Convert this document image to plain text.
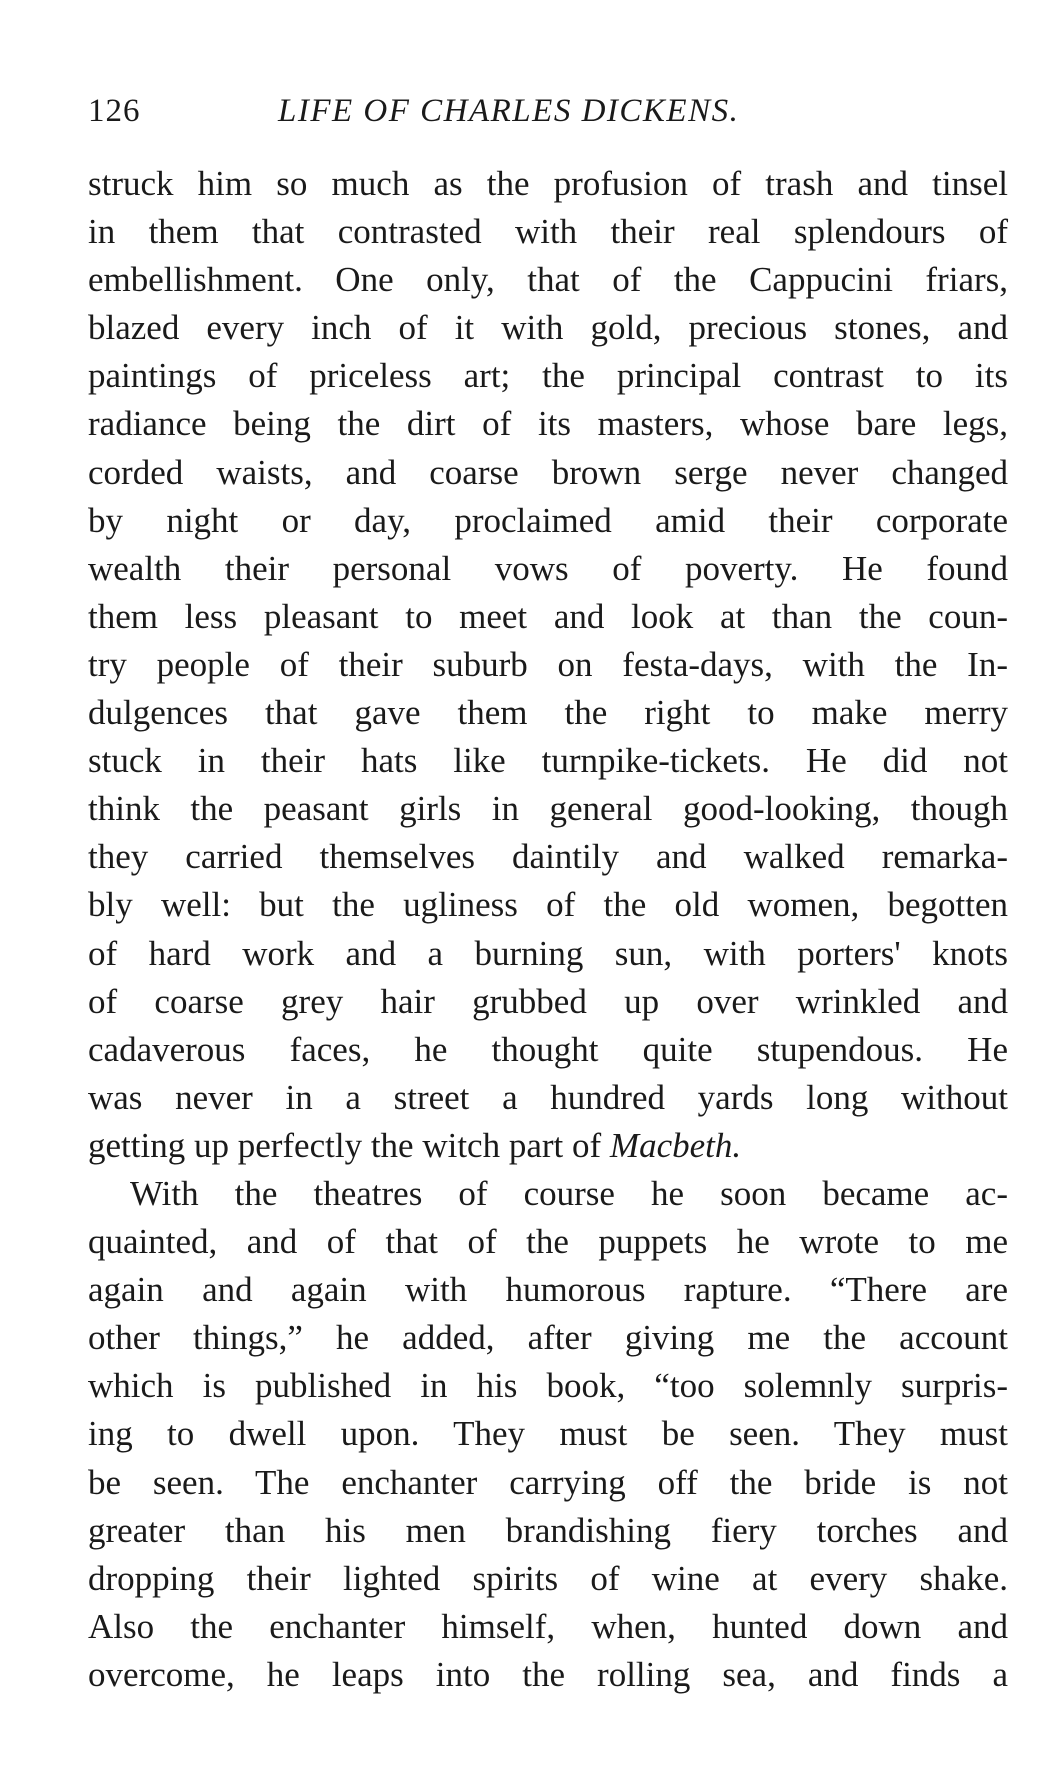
126	LIFE OF CHARLES DICKENS.
struck him so much as the profusion of trash and tinsel
in them that contrasted with their real splendours of
embellishment. One only, that of the Cappucini friars,
blazed every inch of it with gold, precious stones, and
paintings of priceless art; the principal contrast to its
radiance being the dirt of its masters, whose bare legs,
corded waists, and coarse brown serge never changed
by night or day, proclaimed amid their corporate
wealth their personal vows of poverty. He found
them less pleasant to meet and look at than the coun-
try people of their suburb on festa-days, with the In-
dulgences that gave them the right to make merry
stuck in their hats like turnpike-tickets. He did not
think the peasant girls in general good-looking, though
they carried themselves daintily and walked remarka-
bly well: but the ugliness of the old women, begotten
of hard work and a burning sun, with porters' knots
of coarse grey hair grubbed up over wrinkled and
cadaverous faces, he thought quite stupendous. He
was never in a street a hundred yards long without
getting up perfectly the witch part of Macbeth.
With the theatres of course he soon became ac-
quainted, and of that of the puppets he wrote to me
again and again with humorous rapture. “There are
other things,” he added, after giving me the account
which is published in his book, “too solemnly surpris-
ing to dwell upon. They must be seen. They must
be seen. The enchanter carrying off the bride is not
greater than his men brandishing fiery torches and
dropping their lighted spirits of wine at every shake.
Also the enchanter himself, when, hunted down and
overcome, he leaps into the rolling sea, and finds a
